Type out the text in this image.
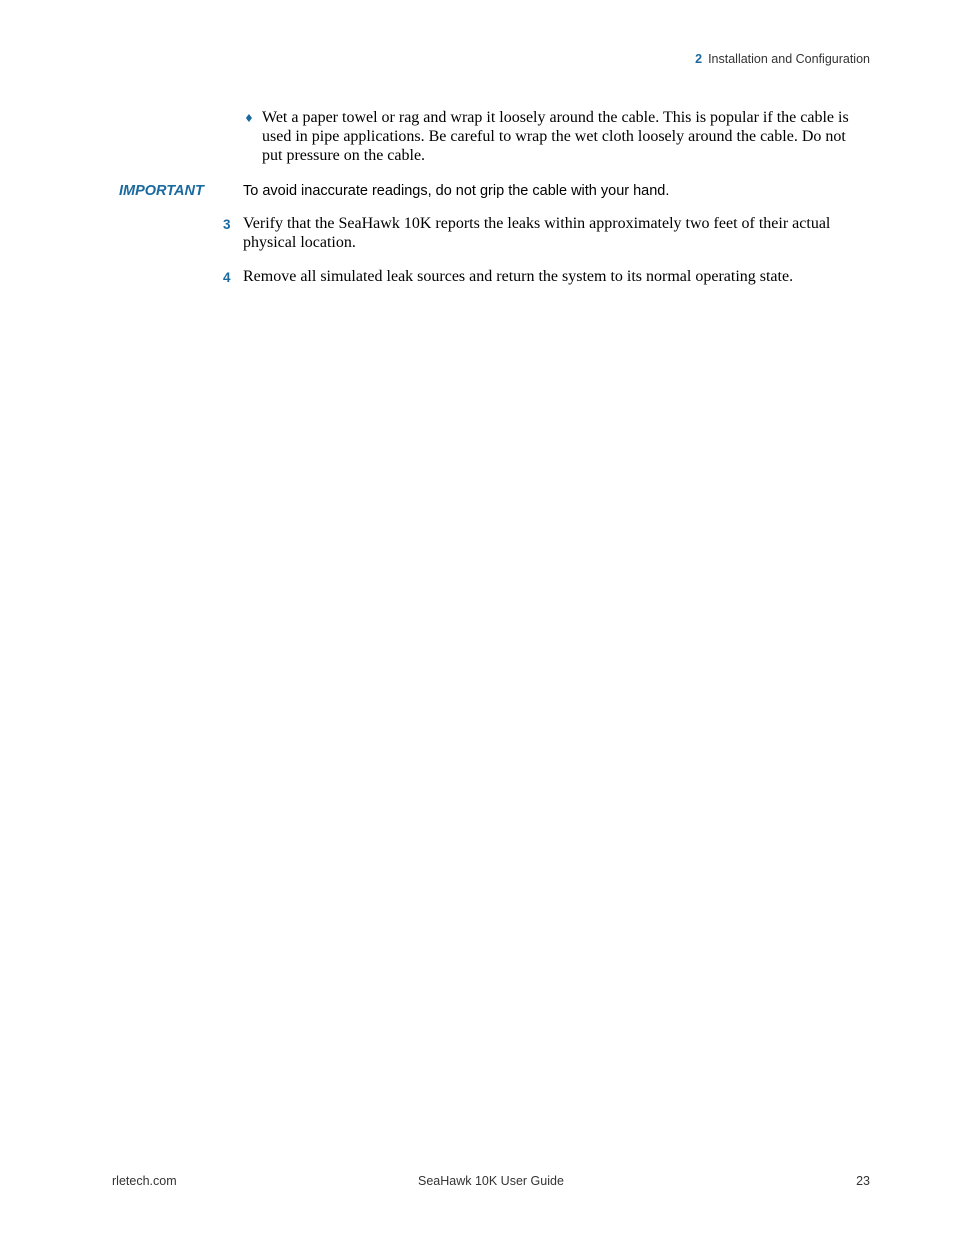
2 Installation and Configuration
♦ Wet a paper towel or rag and wrap it loosely around the cable. This is popular if the cable is used in pipe applications. Be careful to wrap the wet cloth loosely around the cable. Do not put pressure on the cable.
IMPORTANT	To avoid inaccurate readings, do not grip the cable with your hand.
3 Verify that the SeaHawk 10K reports the leaks within approximately two feet of their actual physical location.
4 Remove all simulated leak sources and return the system to its normal operating state.
rletech.com	SeaHawk 10K User Guide	23
